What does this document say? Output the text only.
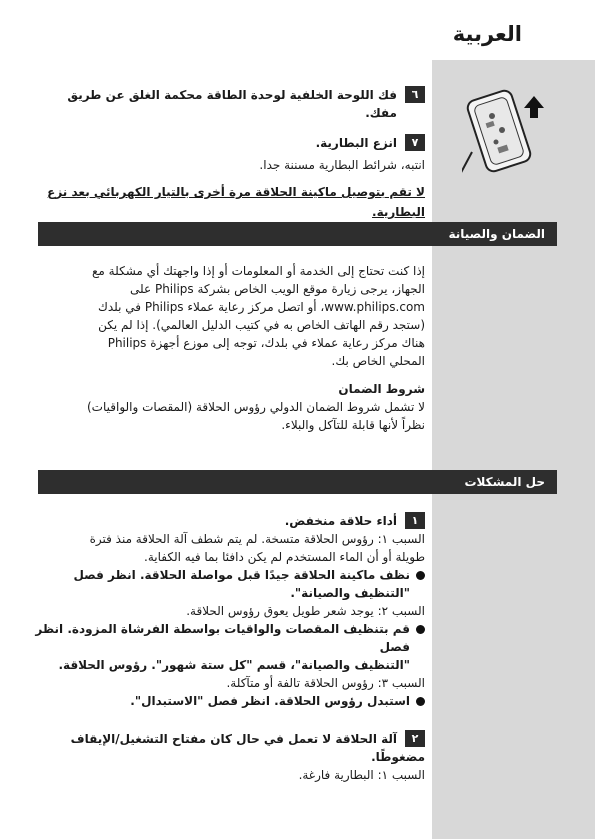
العربية
٦

فك اللوحة الخلفية لوحدة الطاقة محكمة الغلق عن طريق مفك.

٧

انزع البطارية.

انتبه، شرائط البطارية مسننة جدا.

لا تقم بتوصيل ماكينة الحلاقة مرة أخرى بالتيار الكهربائي بعد نزع البطارية.

الضمان والصيانة

إذا كنت تحتاج إلى الخدمة أو المعلومات أو إذا واجهتك أي مشكلة مع

الجهاز، يرجى زيارة موقع الويب الخاص بشركة Philips على

www.philips.com، أو اتصل مركز رعاية عملاء Philips في بلدك

(ستجد رقم الهاتف الخاص به في كتيب الدليل العالمي). إذا لم يكن

هناك مركز رعاية عملاء في بلدك، توجه إلى موزع أجهزة Philips

المحلي الخاص بك.

شروط الضمان

لا تشمل شروط الضمان الدولي رؤوس الحلاقة (المقصات والواقيات)

نظراً لأنها قابلة للتآكل والبلاء.

حل المشكلات
١

أداء حلاقة منخفض.

السبب ١: رؤوس الحلاقة متسخة. لم يتم شطف آلة الحلاقة منذ فترة

طويلة أو أن الماء المستخدم لم يكن دافئا بما فيه الكفاية.

نظف ماكينة الحلاقة جيدًا قبل مواصلة الحلاقة. انظر فصل

"التنظيف والصيانة".

السبب ٢: يوجد شعر طويل يعوق رؤوس الحلاقة.

قم بتنظيف المقصات والواقيات بواسطة الفرشاة المزودة. انظر فصل

"التنظيف والصيانة"، قسم "كل ستة شهور". رؤوس الحلاقة.

السبب ٣: رؤوس الحلاقة تالفة أو متآكلة.

استبدل رؤوس الحلاقة. انظر فصل "الاستبدال".

٢

آلة الحلاقة لا تعمل في حال كان مفتاح التشغيل/الإيقاف

مضغوطًا.

السبب ١: البطارية فارغة.
